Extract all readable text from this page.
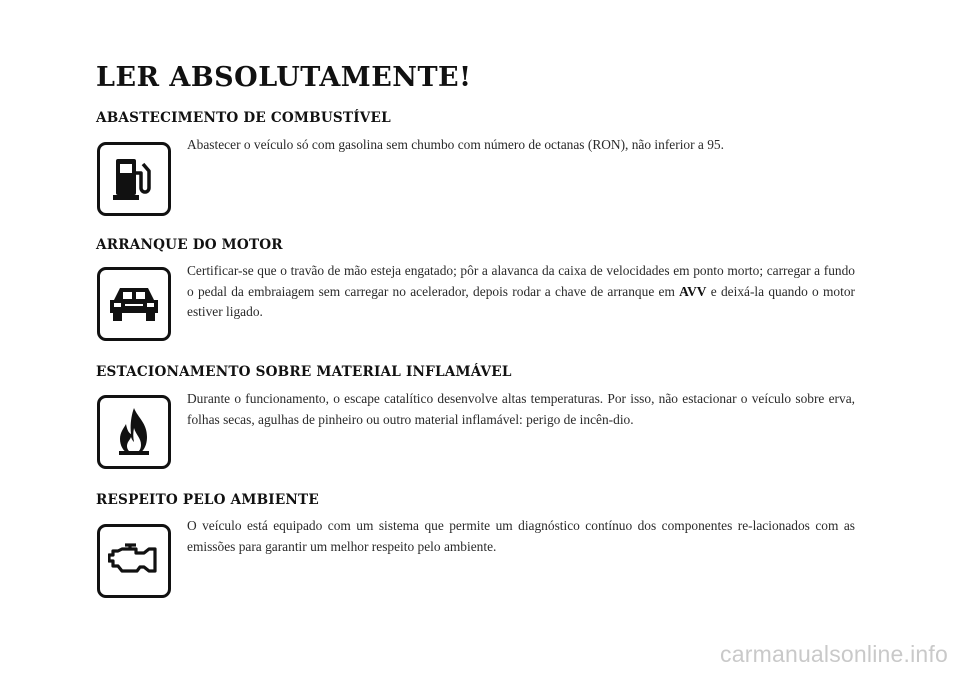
LER ABSOLUTAMENTE!
ABASTECIMENTO DE COMBUSTÍVEL

Abastecer o veículo só com gasolina sem chumbo com número de octanas (RON), não inferior a 95.

ARRANQUE DO MOTOR

Certificar-se que o travão de mão esteja engatado; pôr a alavanca da caixa de velocidades em ponto morto; carregar a fundo o pedal da embraiagem sem carregar no acelerador, depois rodar a chave de arranque em AVV e deixá-la quando o motor estiver ligado.

ESTACIONAMENTO SOBRE MATERIAL INFLAMÁVEL

Durante o funcionamento, o escape catalítico desenvolve altas temperaturas. Por isso, não estacionar o veículo sobre erva, folhas secas, agulhas de pinheiro ou outro material inflamável: perigo de incên-dio.

RESPEITO PELO AMBIENTE

O veículo está equipado com um sistema que permite um diagnóstico contínuo dos componentes re-lacionados com as emissões para garantir um melhor respeito pelo ambiente.

carmanualsonline.info
